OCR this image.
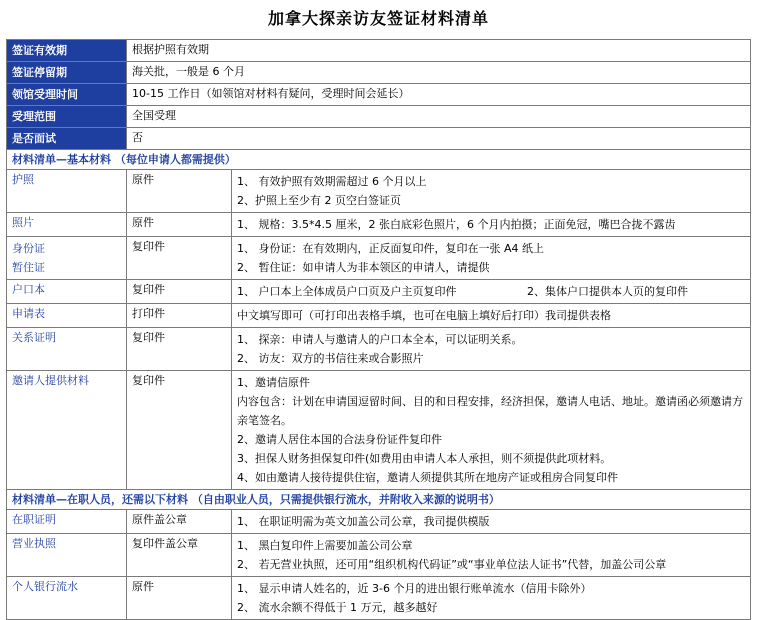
加拿大探亲访友签证材料清单
签证有效期	根据护照有效期	
签证停留期	海关批，一般是 6 个月	
领馆受理时间	10-15 工作日（如领馆对材料有疑问，受理时间会延长）	
受理范围	全国受理	
是否面试	否	
材料清单—基本材料 （每位申请人都需提供）		
护照	原件	1、 有效护照有效期需超过 6 个月以上
2、护照上至少有 2 页空白签证页

照片	原件	1、 规格：3.5*4.5 厘米，2 张白底彩色照片，6 个月内拍摄；正面免冠，嘴巴合拢不露齿

身份证
暂住证	复印件	1、 身份证：在有效期内，正反面复印件，复印在一张 A4 纸上
2、 暂住证：如申请人为非本领区的申请人，请提供

户口本	复印件	1、 户口本上全体成员户口页及户主页复印件 2、集体户口提供本人页的复印件

申请表	打印件	中文填写即可（可打印出表格手填，也可在电脑上填好后打印）我司提供表格

关系证明	复印件	1、 探亲：申请人与邀请人的户口本全本，可以证明关系。
2、 访友：双方的书信往来或合影照片

邀请人提供材料	复印件	1、邀请信原件
内容包含：计划在申请国逗留时间、目的和日程安排，经济担保，邀请人电话、地址。邀请函必须邀请方亲笔签名。
2、邀请人居住本国的合法身份证件复印件
3、担保人财务担保复印件(如费用由申请人本人承担，则不须提供此项材料。
4、如由邀请人接待提供住宿，邀请人须提供其所在地房产证或租房合同复印件

材料清单—在职人员，还需以下材料 （自由职业人员，只需提供银行流水，并附收入来源的说明书）		
在职证明	原件盖公章	1、 在职证明需为英文加盖公司公章，我司提供模版

营业执照	复印件盖公章	1、 黑白复印件上需要加盖公司公章
2、 若无营业执照，还可用“组织机构代码证”或“事业单位法人证书”代替，加盖公司公章

个人银行流水	原件	1、 显示申请人姓名的，近 3-6 个月的进出银行账单流水（信用卡除外）
2、 流水余额不得低于 1 万元，越多越好
